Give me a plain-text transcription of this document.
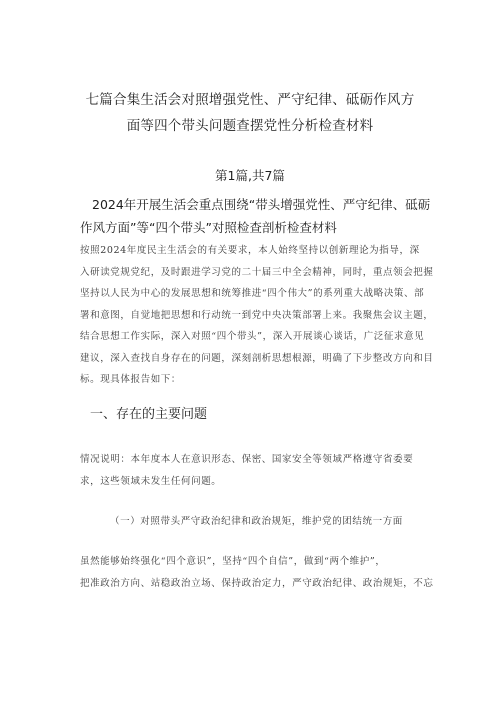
七篇合集生活会对照增强党性、严守纪律、砥砺作风方
面等四个带头问题查摆党性分析检查材料
第1篇,共7篇
2024年开展生活会重点围绕“带头增强党性、严守纪律、砥砺
作风方面”等“四个带头”对照检查剖析检查材料
按照2024年度民主生活会的有关要求，本人始终坚持以创新理论为指导，深
入研读党规党纪，及时跟进学习党的二十届三中全会精神，同时，重点领会把握
坚持以人民为中心的发展思想和统筹推进“四个伟大”的系列重大战略决策、部
署和意图，自觉地把思想和行动统一到党中央决策部署上来。我聚焦会议主题，
结合思想工作实际，深入对照“四个带头”，深入开展谈心谈话，广泛征求意见
建议，深入查找自身存在的问题，深刻剖析思想根源，明确了下步整改方向和目
标。现具体报告如下：
一、存在的主要问题
情况说明：本年度本人在意识形态、保密、国家安全等领域严格遵守省委要
求，这些领域未发生任何问题。
（一）对照带头严守政治纪律和政治规矩，维护党的团结统一方面
虽然能够始终强化“四个意识”，坚持“四个自信”，做到“两个维护”，
把准政治方向、站稳政治立场、保持政治定力，严守政治纪律、政治规矩，不忘
